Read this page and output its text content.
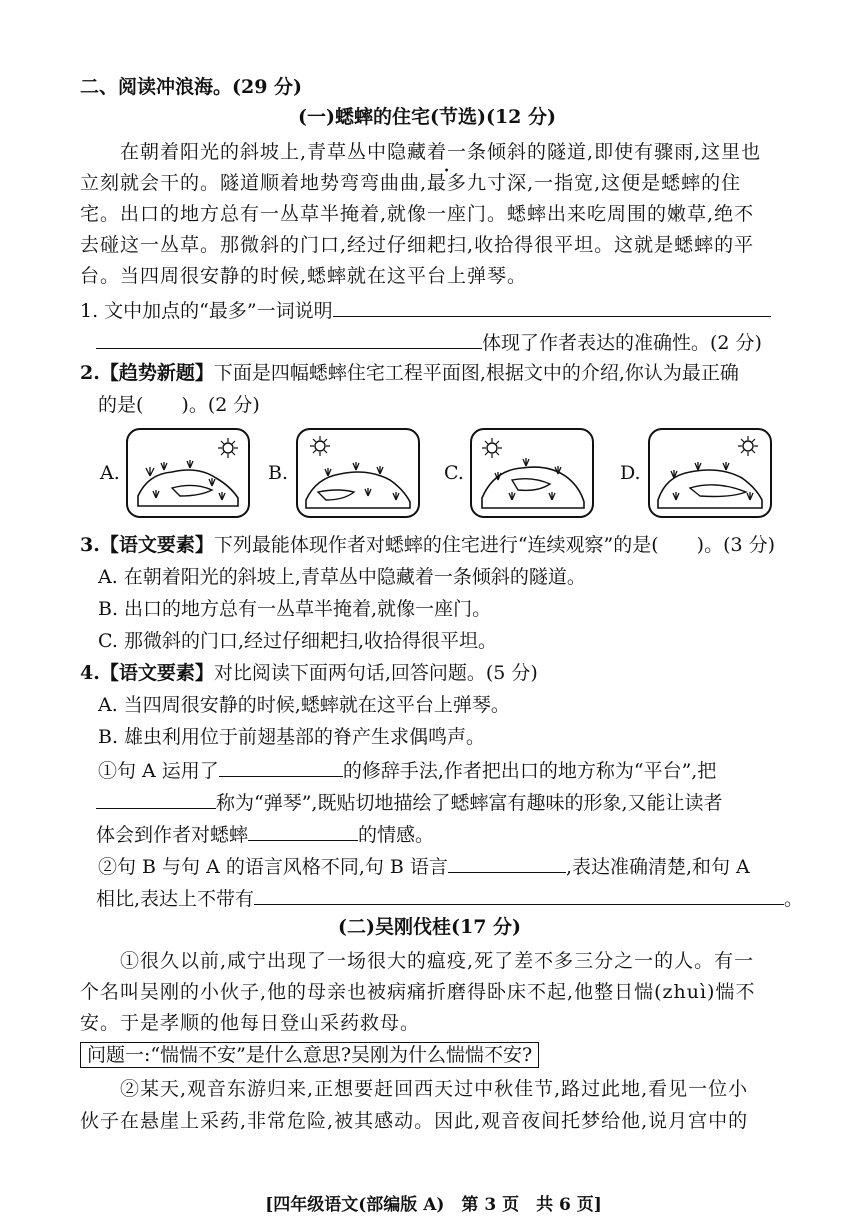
二、阅读冲浪海。(29 分)
(一)蟋蟀的住宅(节选)(12 分)
在朝着阳光的斜坡上,青草丛中隐藏着一条倾斜的隧道,即使有骤雨,这里也
立刻就会干的。隧道顺着地势弯弯曲曲,最多九寸深,一指宽,这便是蟋蟀的住
宅。出口的地方总有一丛草半掩着,就像一座门。蟋蟀出来吃周围的嫩草,绝不
去碰这一丛草。那微斜的门口,经过仔细耙扫,收拾得很平坦。这就是蟋蟀的平
台。当四周很安静的时候,蟋蟀就在这平台上弹琴。
1. 文中加点的“最多”一词说明
体现了作者表达的准确性。(2 分)
2.【趋势新题】下面是四幅蟋蟀住宅工程平面图,根据文中的介绍,你认为最正确
的是(　　)。(2 分)
A.	B.	C.	D.
3.【语文要素】下列最能体现作者对蟋蟀的住宅进行“连续观察”的是(　　)。(3 分)
A. 在朝着阳光的斜坡上,青草丛中隐藏着一条倾斜的隧道。
B. 出口的地方总有一丛草半掩着,就像一座门。
C. 那微斜的门口,经过仔细耙扫,收拾得很平坦。
4.【语文要素】对比阅读下面两句话,回答问题。(5 分)
A. 当四周很安静的时候,蟋蟀就在这平台上弹琴。
B. 雄虫利用位于前翅基部的脊产生求偶鸣声。
①句 A 运用了	的修辞手法,作者把出口的地方称为“平台”,把
称为“弹琴”,既贴切地描绘了蟋蟀富有趣味的形象,又能让读者
体会到作者对蟋蟀	的情感。
②句 B 与句 A 的语言风格不同,句 B 语言	,表达准确清楚,和句 A
相比,表达上不带有	。
(二)吴刚伐桂(17 分)
①很久以前,咸宁出现了一场很大的瘟疫,死了差不多三分之一的人。有一
个名叫吴刚的小伙子,他的母亲也被病痛折磨得卧床不起,他整日惴(zhuì)惴不
安。于是孝顺的他每日登山采药救母。
问题一:“惴惴不安”是什么意思?吴刚为什么惴惴不安?
②某天,观音东游归来,正想要赶回西天过中秋佳节,路过此地,看见一位小
伙子在悬崖上采药,非常危险,被其感动。因此,观音夜间托梦给他,说月宫中的
[四年级语文(部编版 A)　第 3 页　共 6 页]
